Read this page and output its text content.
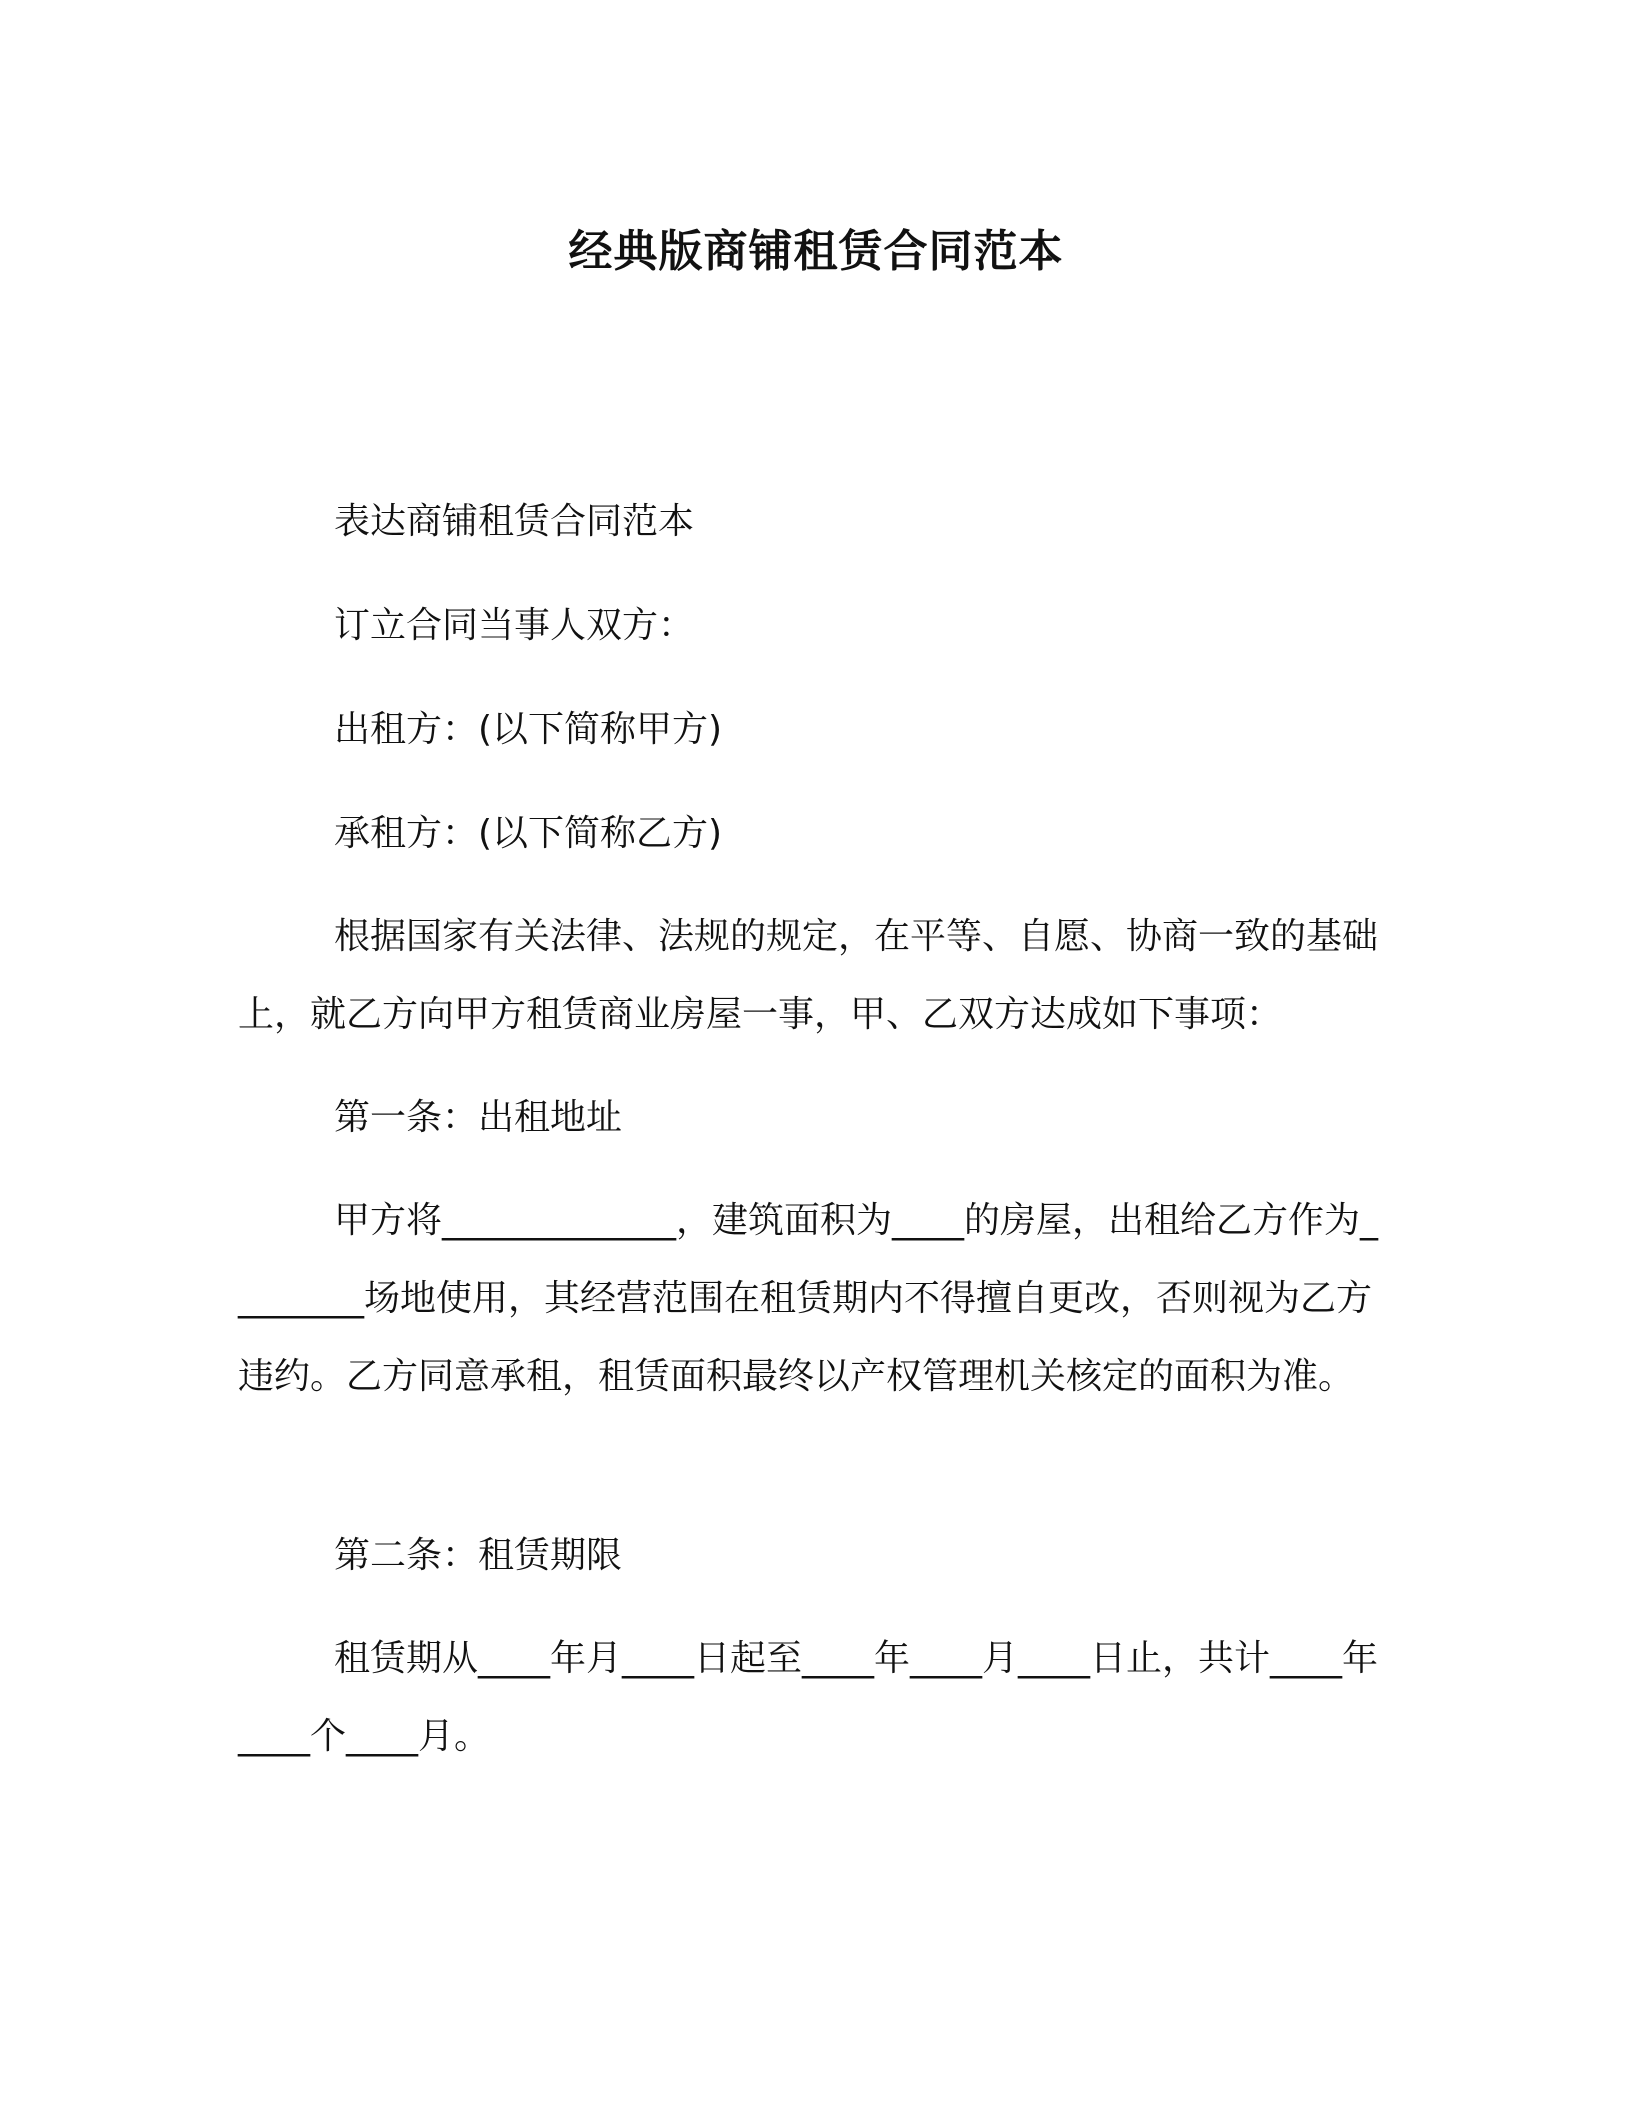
经典版商铺租赁合同范本
表达商铺租赁合同范本
订立合同当事人双方：
出租方：(以下简称甲方)
承租方：(以下简称乙方)
根据国家有关法律、法规的规定，在平等、自愿、协商一致的基础上，就乙方向甲方租赁商业房屋一事，甲、乙双方达成如下事项：
第一条：出租地址
甲方将_____________，建筑面积为____的房屋，出租给乙方作为________场地使用，其经营范围在租赁期内不得擅自更改，否则视为乙方违约。乙方同意承租，租赁面积最终以产权管理机关核定的面积为准。
第二条：租赁期限
租赁期从____年月____日起至____年____月____日止，共计____年____个____月。
